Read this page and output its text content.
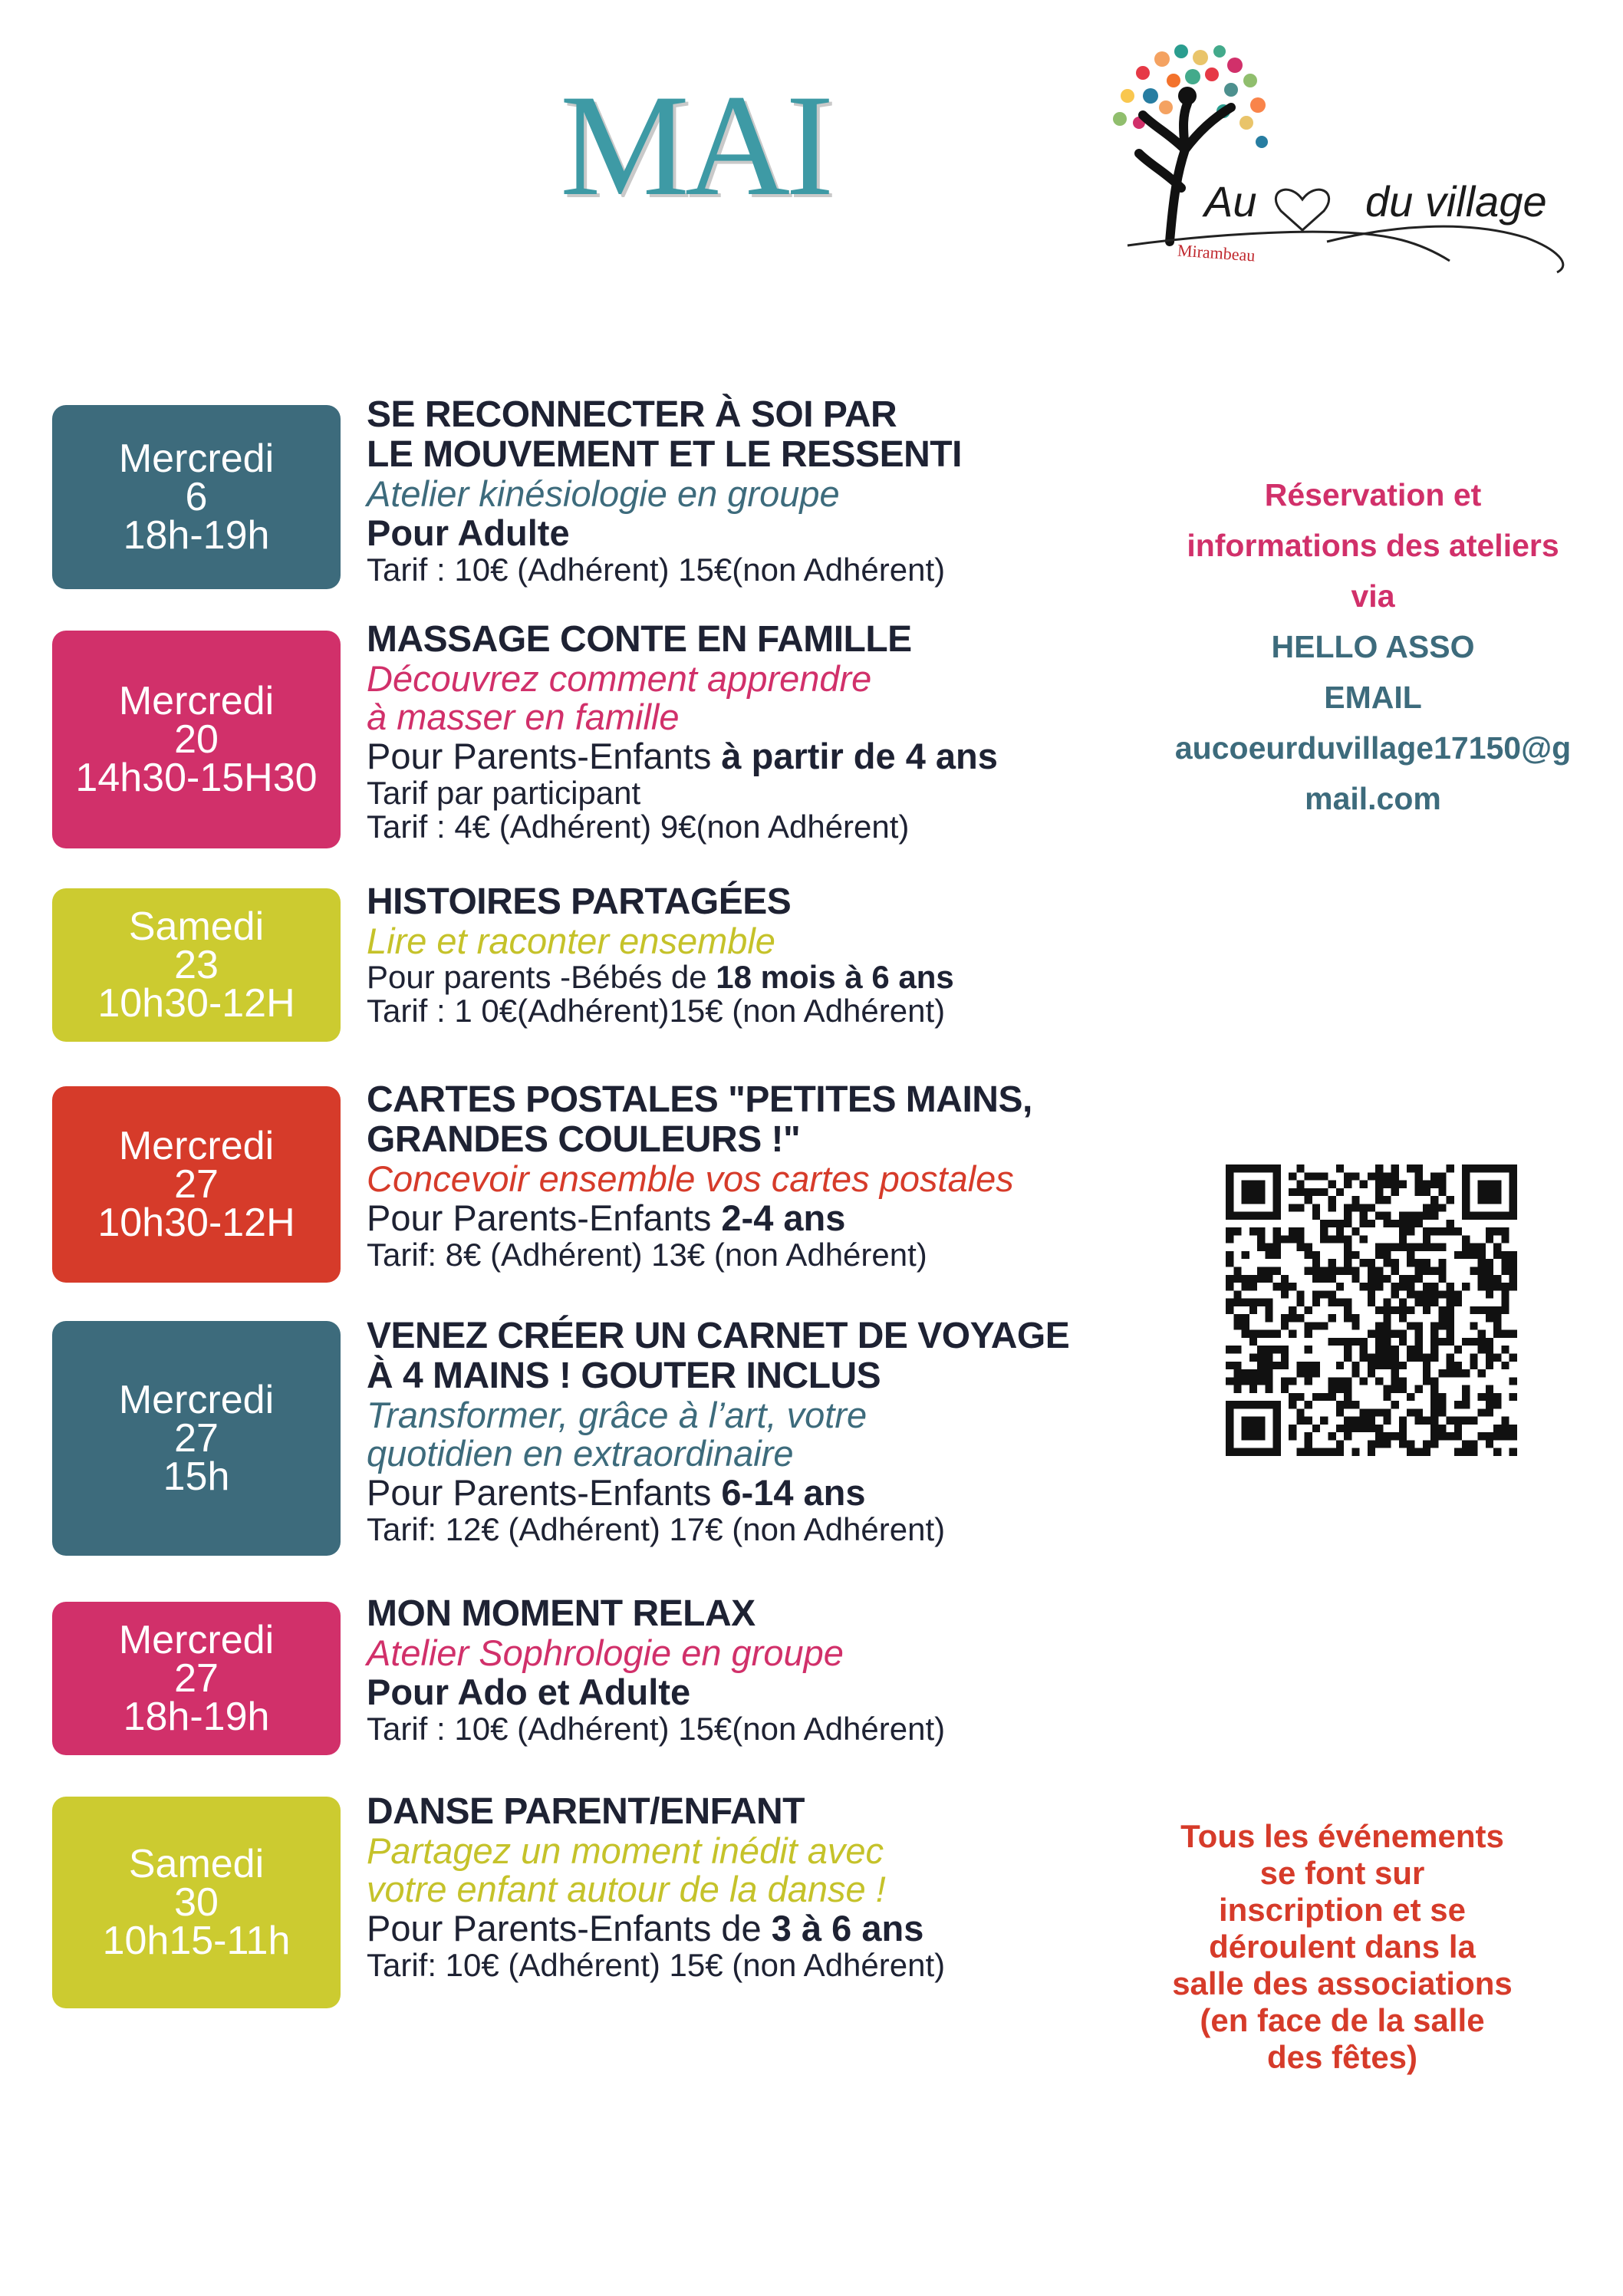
MAI	Au	du village
Mirambeau
Mercredi
6
18h-19h
SE RECONNECTER À SOI PAR
LE MOUVEMENT ET LE RESSENTI
Atelier kinésiologie en groupe
Pour Adulte
Tarif : 10€ (Adhérent) 15€(non Adhérent)
Mercredi
20
14h30-15H30
MASSAGE CONTE EN FAMILLE
Découvrez comment apprendre
à masser en famille
Pour Parents-Enfants à partir de 4 ans
Tarif par participant
Tarif : 4€ (Adhérent) 9€(non Adhérent)
Samedi
23
10h30-12H
HISTOIRES PARTAGÉES
Lire et raconter ensemble
Pour parents -Bébés de 18 mois à 6 ans
Tarif : 1 0€(Adhérent)15€ (non Adhérent)
Mercredi
27
10h30-12H
CARTES POSTALES "PETITES MAINS,
GRANDES COULEURS !"
Concevoir ensemble vos cartes postales
Pour Parents-Enfants 2-4 ans
Tarif: 8€ (Adhérent) 13€ (non Adhérent)
Mercredi
27
15h
VENEZ CRÉER UN CARNET DE VOYAGE
À 4 MAINS ! GOUTER INCLUS
Transformer, grâce à l’art, votre
quotidien en extraordinaire
Pour Parents-Enfants 6-14 ans
Tarif: 12€ (Adhérent) 17€ (non Adhérent)
Mercredi
27
18h-19h
MON MOMENT RELAX
Atelier Sophrologie en groupe
Pour Ado et Adulte
Tarif : 10€ (Adhérent) 15€(non Adhérent)
Samedi
30
10h15-11h
DANSE PARENT/ENFANT
Partagez un moment inédit avec
votre enfant autour de la danse !
Pour Parents-Enfants de 3 à 6 ans
Tarif: 10€ (Adhérent) 15€ (non Adhérent)
Réservation et
informations des ateliers
via
HELLO ASSO
EMAIL
aucoeurduvillage17150@g
mail.com
Tous les événements
se font sur
inscription et se
déroulent dans la
salle des associations
(en face de la salle
des fêtes)
